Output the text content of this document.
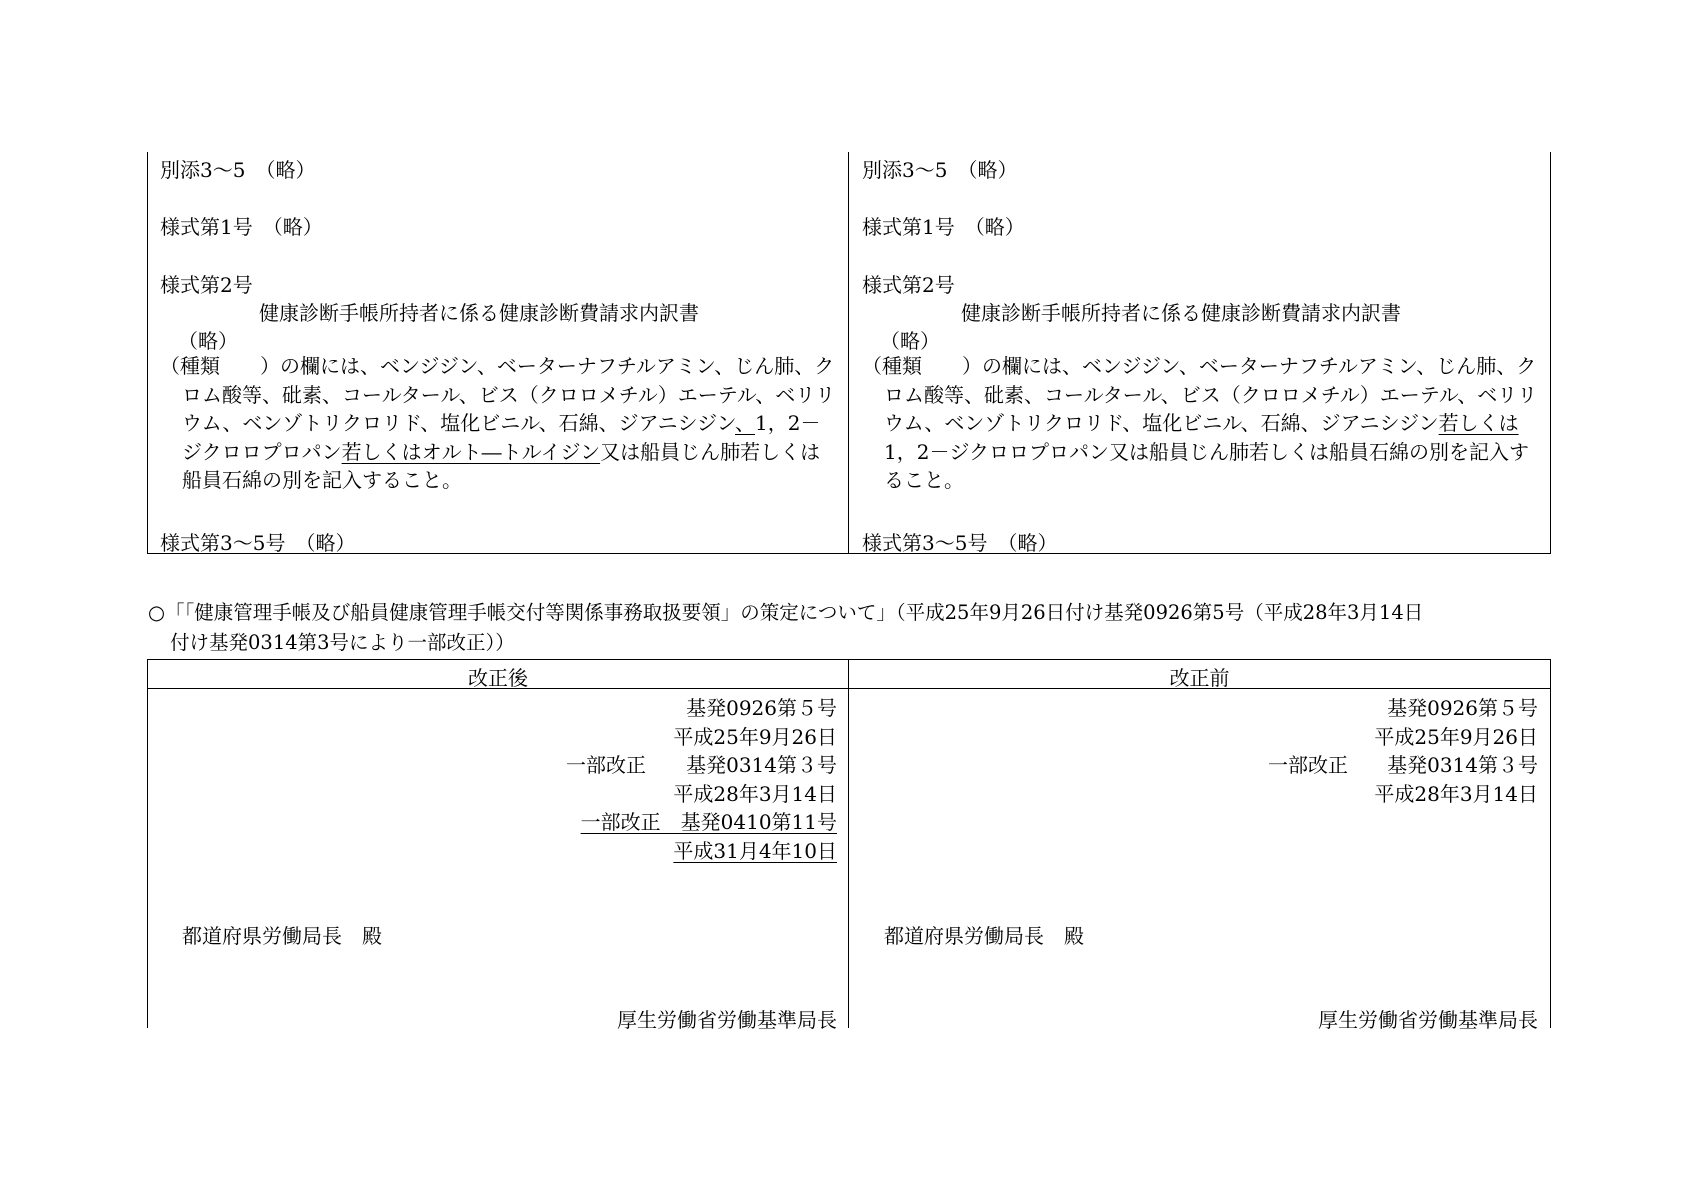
別添3～5　（略）
様式第1号　（略）
様式第2号
健康診断手帳所持者に係る健康診断費請求内訳書
（略）
（種類　　）の欄には、ベンジジン、ベーターナフチルアミン、じん肺、クロム酸等、砒素、コールタール、ビス（クロロメチル）エーテル、ベリリウム、ベンゾトリクロリド、塩化ビニル、石綿、ジアニシジン、1，2－ジクロロプロパン若しくはオルト―トルイジン又は船員じん肺若しくは船員石綿の別を記入すること。
様式第3～5号　（略）
別添3～5　（略）
様式第1号　（略）
様式第2号
健康診断手帳所持者に係る健康診断費請求内訳書
（略）
（種類　　）の欄には、ベンジジン、ベーターナフチルアミン、じん肺、クロム酸等、砒素、コールタール、ビス（クロロメチル）エーテル、ベリリウム、ベンゾトリクロリド、塩化ビニル、石綿、ジアニシジン若しくは1，2－ジクロロプロパン又は船員じん肺若しくは船員石綿の別を記入すること。
様式第3～5号　（略）
○「「健康管理手帳及び船員健康管理手帳交付等関係事務取扱要領」の策定について」（平成25年9月26日付け基発0926第5号（平成28年3月14日
付け基発0314第3号により一部改正））
改正後	改正前
基発0926第５号
平成25年9月26日
一部改正 基発0314第３号
平成28年3月14日
一部改正　基発0410第11号
平成31月4年10日
都道府県労働局長　殿
厚生労働省労働基準局長
基発0926第５号
平成25年9月26日
一部改正 基発0314第３号
平成28年3月14日
都道府県労働局長　殿
厚生労働省労働基準局長
